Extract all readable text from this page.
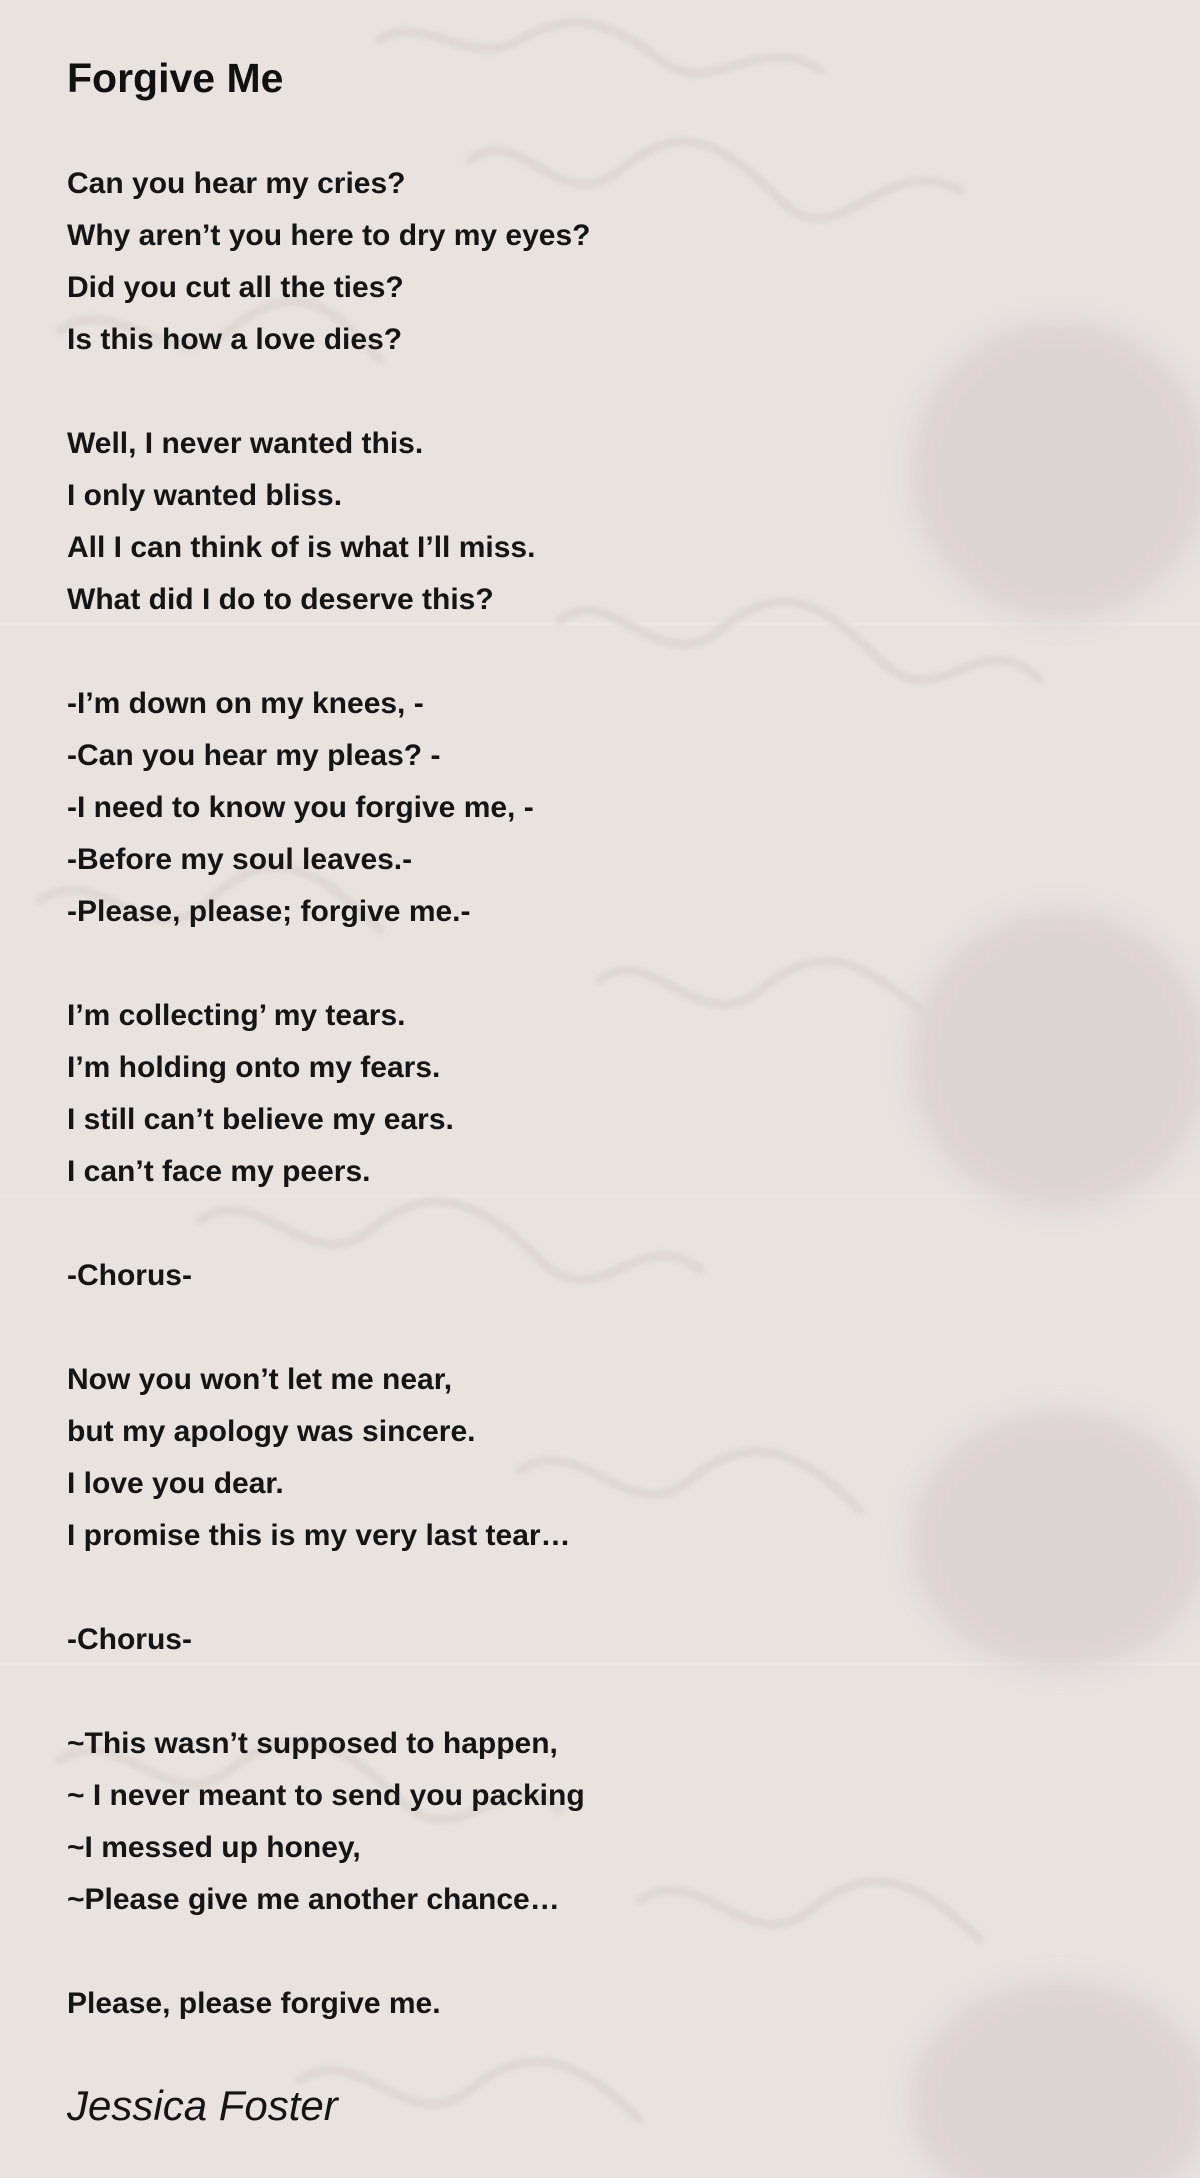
Forgive Me
Can you hear my cries?
Why aren’t you here to dry my eyes?
Did you cut all the ties?
Is this how a love dies?
Well, I never wanted this.
I only wanted bliss.
All I can think of is what I’ll miss.
What did I do to deserve this?
-I’m down on my knees, -
-Can you hear my pleas? -
-I need to know you forgive me, -
-Before my soul leaves.-
-Please, please; forgive me.-
I’m collecting’ my tears.
I’m holding onto my fears.
I still can’t believe my ears.
I can’t face my peers.
-Chorus-
Now you won’t let me near,
but my apology was sincere.
I love you dear.
I promise this is my very last tear…
-Chorus-
~This wasn’t supposed to happen,
~ I never meant to send you packing
~I messed up honey,
~Please give me another chance…
Please, please forgive me.
Jessica Foster
